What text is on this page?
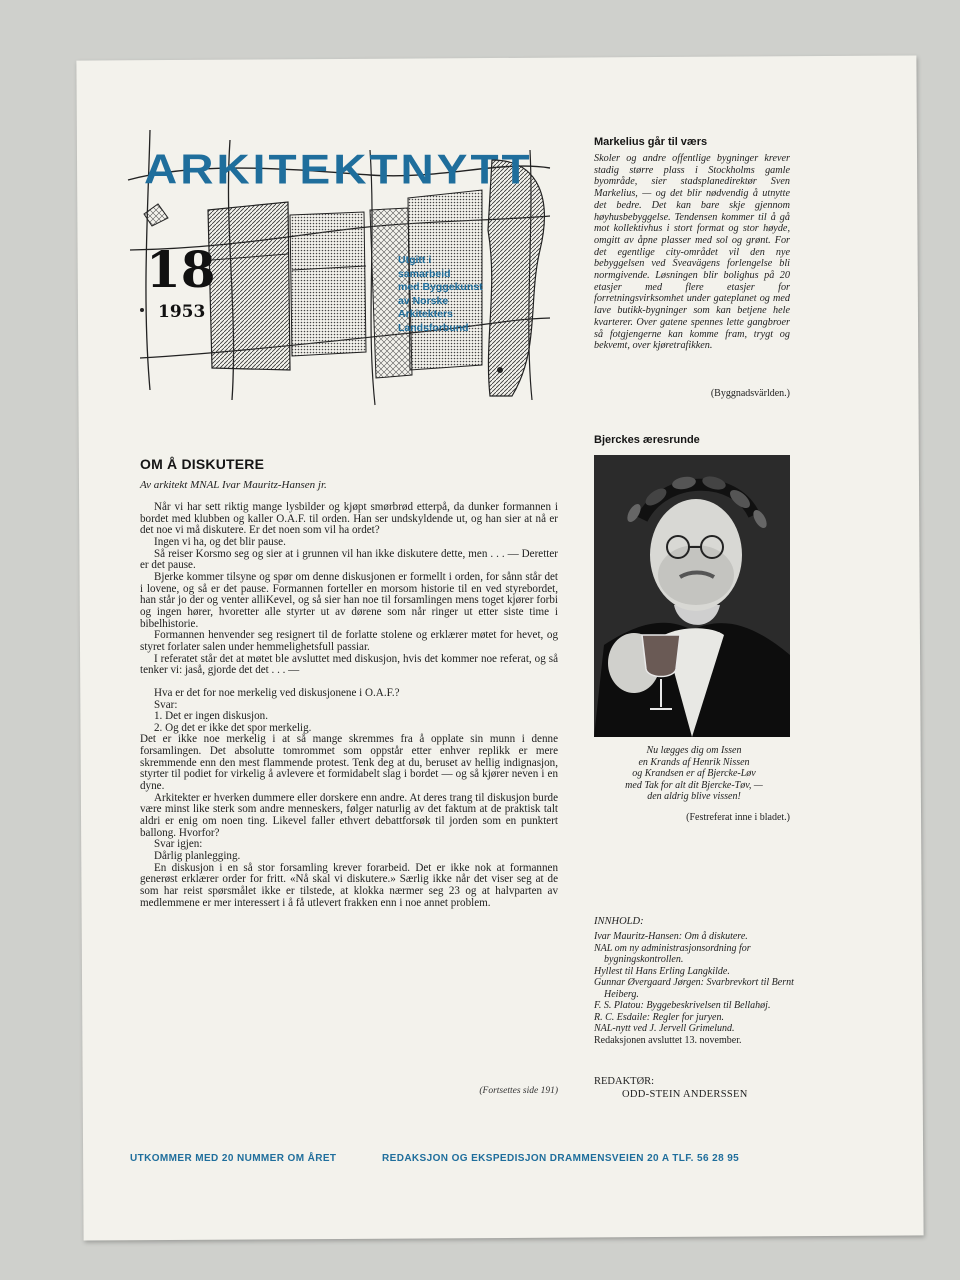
ARKITEKTNYTT
18
1953
Utgitt i
samarbeid
med Byggekunst
av Norske
Arkitekters
Landsforbund
Markelius går til værs
Skoler og andre offentlige bygninger krever stadig større plass i Stockholms gamle byområde, sier stadsplanedirektør Sven Markelius, — og det blir nødvendig å utnytte det bedre. Det kan bare skje gjennom høyhusbebyggelse. Tendensen kommer til å gå mot kollektivhus i stort format og stor høyde, omgitt av åpne plasser med sol og grønt. For det egentlige city-området vil den nye bebyggelsen ved Sveavägens forlengelse bli normgivende. Løsningen blir bolighus på 20 etasjer med flere etasjer for forretningsvirksomhet under gateplanet og med lave butikk-bygninger som kan betjene hele kvarterer. Over gatene spennes lette gangbroer så fotgjengerne kan komme fram, trygt og bekvemt, over kjøretrafikken.
(Byggnadsvärlden.)
Bjerckes æresrunde
Nu lægges dig om Issen
en Krands af Henrik Nissen
og Krandsen er af Bjercke-Løv
med Tak for alt dit Bjercke-Tøv, —
den aldrig blive vissen!
(Festreferat inne i bladet.)
INNHOLD:
Ivar Mauritz-Hansen: Om å diskutere.
NAL om ny administrasjonsordning for bygningskontrollen.
Hyllest til Hans Erling Langkilde.
Gunnar Øvergaard Jørgen: Svarbrevkort til Bernt Heiberg.
F. S. Platou: Byggebeskrivelsen til Bellahøj.
R. C. Esdaile: Regler for juryen.
NAL-nytt ved J. Jervell Grimelund.
Redaksjonen avsluttet 13. november.
REDAKTØR:
ODD-STEIN ANDERSSEN
OM Å DISKUTERE
Av arkitekt MNAL Ivar Mauritz-Hansen jr.

Når vi har sett riktig mange lysbilder og kjøpt smørbrød etterpå, da dunker formannen i bordet med klubben og kaller O.A.F. til orden. Han ser undskyldende ut, og han sier at nå er det noe vi må diskutere. Er det noen som vil ha ordet?

Ingen vi ha, og det blir pause.

Så reiser Korsmo seg og sier at i grunnen vil han ikke diskutere dette, men . . . — Deretter er det pause.

Bjerke kommer tilsyne og spør om denne diskusjonen er formellt i orden, for sånn står det i lovene, og så er det pause. Formannen forteller en morsom historie til en ved styrebordet, han står jo der og venter alliKevel, og så sier han noe til forsamlingen mens toget kjører forbi og ingen hører, hvoretter alle styrter ut av dørene som når ringer ut etter siste time i bibelhistorie.

Formannen henvender seg resignert til de forlatte stolene og erklærer møtet for hevet, og styret forlater salen under hemmelighetsfull passiar.

I referatet står det at møtet ble avsluttet med diskusjon, hvis det kommer noe referat, og så tenker vi: jaså, gjorde det det . . . —

Hva er det for noe merkelig ved diskusjonene i O.A.F.?

Svar:

1. Det er ingen diskusjon.

2. Og det er ikke det spor merkelig.

Det er ikke noe merkelig i at så mange skremmes fra å opplate sin munn i denne forsamlingen. Det absolutte tomrommet som oppstår etter enhver replikk er mere skremmende enn den mest flammende protest. Tenk deg at du, beruset av hellig indignasjon, styrter til podiet for virkelig å avlevere et formidabelt slag i bordet — og så kjører neven i en dyne.

Arkitekter er hverken dummere eller dorskere enn andre. At deres trang til diskusjon burde være minst like sterk som andre menneskers, følger naturlig av det faktum at de praktisk talt aldri er enig om noen ting. Likevel faller ethvert debattforsøk til jorden som en punktert ballong. Hvorfor?

Svar igjen:

Dårlig planlegging.

En diskusjon i en så stor forsamling krever forarbeid. Det er ikke nok at formannen generøst erklærer order for fritt. «Nå skal vi diskutere.» Særlig ikke når det viser seg at de som har reist spørsmålet ikke er tilstede, at klokka nærmer seg 23 og at halvparten av medlemmene er mer interessert i å få utlevert frakken enn i noe annet problem.

(Fortsettes side 191)
UTKOMMER MED 20 NUMMER OM ÅRET	REDAKSJON OG EKSPEDISJON DRAMMENSVEIEN 20 A TLF. 56 28 95
